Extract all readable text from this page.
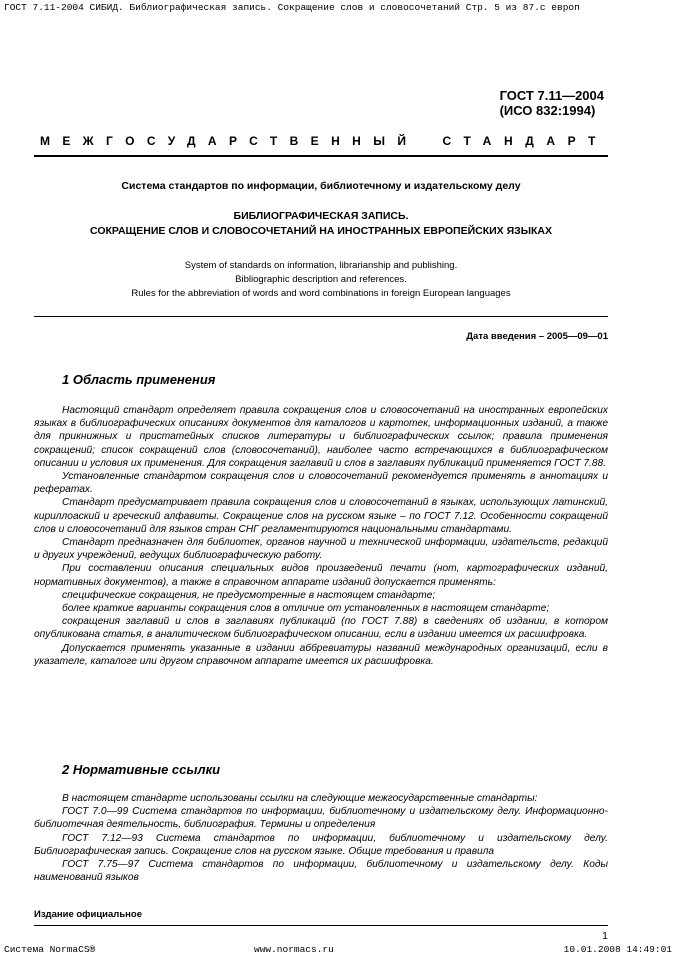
ГОСТ 7.11-2004 СИБИД. Библиографическая запись. Сокращение слов и словосочетаний Стр. 5 из 87.с европ
ГОСТ 7.11—2004
(ИСО 832:1994)
МЕЖГОСУДАРСТВЕННЫЙ СТАНДАРТ
Система стандартов по информации, библиотечному и издательскому делу
БИБЛИОГРАФИЧЕСКАЯ ЗАПИСЬ.
СОКРАЩЕНИЕ СЛОВ И СЛОВОСОЧЕТАНИЙ НА ИНОСТРАННЫХ ЕВРОПЕЙСКИХ ЯЗЫКАХ
System of standards on information, librarianship and publishing.
Bibliographic description and references.
Rules for the abbreviation of words and word combinations in foreign European languages
Дата введения – 2005—09—01
1 Область применения

Настоящий стандарт определяет правила сокращения слов и словосочетаний на иностранных европейских языках в библиографических описаниях документов для каталогов и картотек, информационных изданий, а также для прикнижных и пристатейных списков литературы и библиографических ссылок; правила применения сокращений; список сокращений слов (словосочетаний), наиболее часто встречающихся в библиографическом описании и условия их применения. Для сокращения заглавий и слов в заглавиях публикаций применяется ГОСТ 7.88.

Установленные стандартом сокращения слов и словосочетаний рекомендуется применять в аннотациях и рефератах.

Стандарт предусматривает правила сокращения слов и словосочетаний в языках, использующих латинский, кириллоаский и греческий алфавиты. Сокращение слов на русском языке – по ГОСТ 7.12. Особенности сокращений слов и словосочетаний для языков стран СНГ регламентируются национальными стандартами.

Стандарт предназначен для библиотек, органов научной и технической информации, издательств, редакций и других учреждений, ведущих библиографическую работу.

При составлении описания специальных видов произведений печати (нот, картографических изданий, нормативных документов), а также в справочном аппарате изданий допускается применять:

специфические сокращения, не предусмотренные в настоящем стандарте;

более краткие варианты сокращения слов в отличие от установленных в настоящем стандарте;

сокращения заглавий и слов в заглавиях публикаций (по ГОСТ 7.88) в сведениях об издании, в котором опубликована статья, в аналитическом библиографическом описании, если в издании имеется их расшифровка.

Допускается применять указанные в издании аббревиатуры названий международных организаций, если в указателе, каталоге или другом справочном аппарате имеется их расшифровка.

2 Нормативные ссылки

В настоящем стандарте использованы ссылки на следующие межгосударственные стандарты:

ГОСТ 7.0—99 Система стандартов по информации, библиотечному и издательскому делу. Информационно-библиотечная деятельность, библиография. Термины и определения

ГОСТ 7.12—93 Система стандартов по информации, библиотечному и издательскому делу. Библиографическая запись. Сокращение слов на русском языке. Общие требования и правила

ГОСТ 7.75—97 Система стандартов по информации, библиотечному и издательскому делу. Коды наименований языков

Издание официальное
1
Система NormaCS®	www.normacs.ru	10.01.2008 14:49:01
